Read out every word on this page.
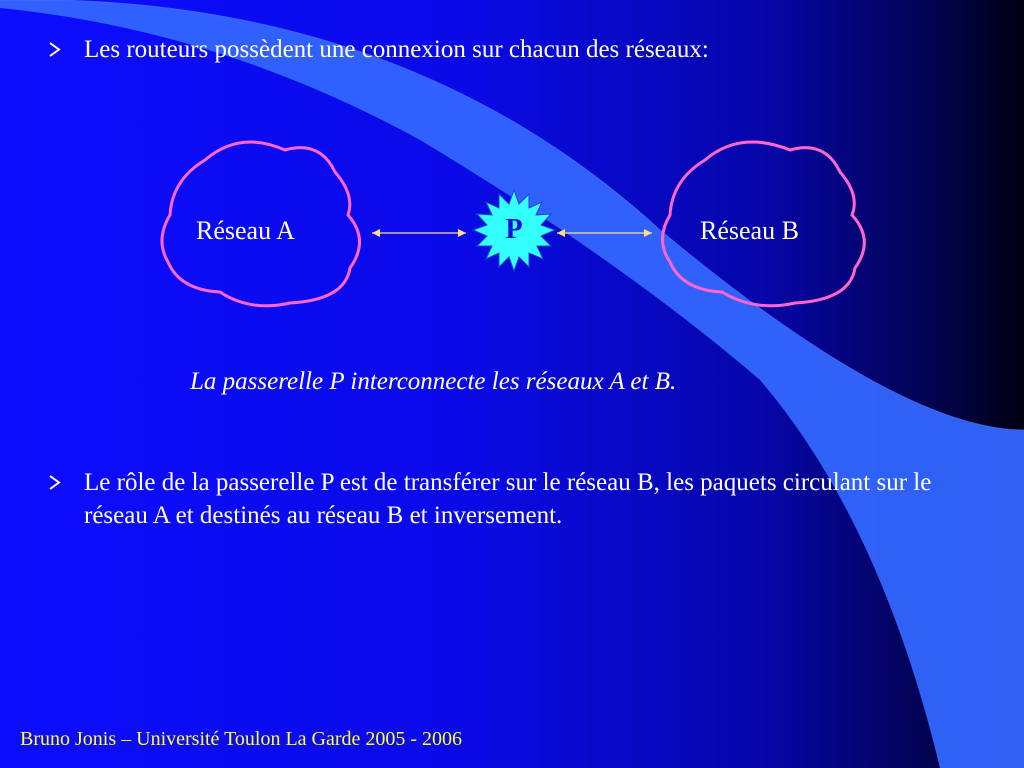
Les routeurs possèdent une connexion sur chacun des réseaux:
Réseau A	Réseau B
P
La passerelle P interconnecte les réseaux A et B.
Le rôle de la passerelle P est de transférer sur le réseau B, les paquets circulant sur le réseau A et destinés au réseau B et inversement.
Bruno Jonis – Université Toulon La Garde 2005 - 2006
